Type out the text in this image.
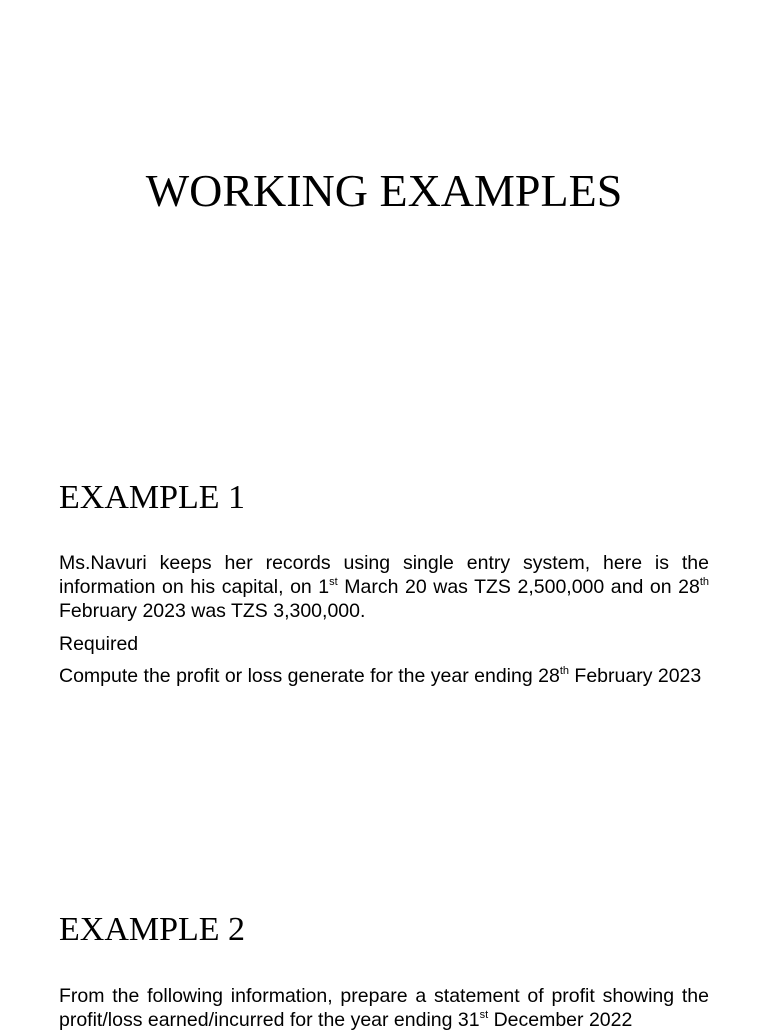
WORKING EXAMPLES
EXAMPLE 1

Ms.Navuri keeps her records using single entry system, here is the information on his capital, on 1st March 20 was TZS 2,500,000 and on 28th February 2023 was TZS 3,300,000.

Required

Compute the profit or loss generate for the year ending 28th February 2023

EXAMPLE 2

From the following information, prepare a statement of profit showing the profit/loss earned/incurred for the year ending 31st December 2022
